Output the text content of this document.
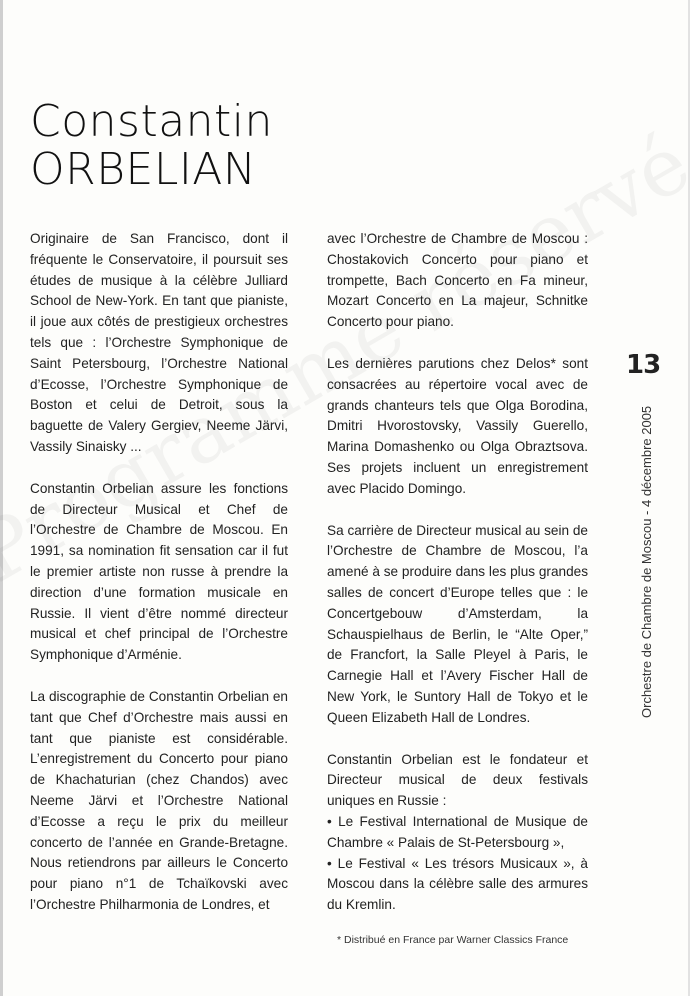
Constantin
ORBELIAN

Originaire de San Francisco, dont il fréquente le Conservatoire, il poursuit ses études de musique à la célèbre Julliard School de New-York. En tant que pianiste, il joue aux côtés de prestigieux orchestres tels que : l’Orchestre Symphonique de Saint Petersbourg, l’Orchestre National d’Ecosse, l’Orchestre Symphonique de Boston et celui de Detroit, sous la baguette de Valery Gergiev, Neeme Järvi, Vassily Sinaisky ...

Constantin Orbelian assure les fonctions de Directeur Musical et Chef de l’Orchestre de Chambre de Moscou. En 1991, sa nomination fit sensation car il fut le premier artiste non russe à prendre la direction d’une formation musicale en Russie. Il vient d’être nommé directeur musical et chef principal de l’Orchestre Symphonique d’Arménie.

La discographie de Constantin Orbelian en tant que Chef d’Orchestre mais aussi en tant que pianiste est considérable. L’enregistrement du Concerto pour piano de Khachaturian (chez Chandos) avec Neeme Järvi et l’Orchestre National d’Ecosse a reçu le prix du meilleur concerto de l’année en Grande-Bretagne. Nous retiendrons par ailleurs le Concerto pour piano n°1 de Tchaïkovski avec l’Orchestre Philharmonia de Londres, et

avec l’Orchestre de Chambre de Moscou : Chostakovich Concerto pour piano et trompette, Bach Concerto en Fa mineur, Mozart Concerto en La majeur, Schnitke Concerto pour piano.

Les dernières parutions chez Delos* sont consacrées au répertoire vocal avec de grands chanteurs tels que Olga Borodina, Dmitri Hvorostovsky, Vassily Guerello, Marina Domashenko ou Olga Obraztsova. Ses projets incluent un enregistrement avec Placido Domingo.

Sa carrière de Directeur musical au sein de l’Orchestre de Chambre de Moscou, l’a amené à se produire dans les plus grandes salles de concert d’Europe telles que : le Concertgebouw d’Amsterdam, la Schauspielhaus de Berlin, le “Alte Oper,” de Francfort, la Salle Pleyel à Paris, le Carnegie Hall et l’Avery Fischer Hall de New York, le Suntory Hall de Tokyo et le Queen Elizabeth Hall de Londres.

Constantin Orbelian est le fondateur et Directeur musical de deux festivals uniques en Russie :
• Le Festival International de Musique de Chambre « Palais de St-Petersbourg »,
• Le Festival « Les trésors Musicaux », à Moscou dans la célèbre salle des armures du Kremlin.

* Distribué en France par Warner Classics France
13
Orchestre de Chambre de Moscou - 4 décembre 2005
